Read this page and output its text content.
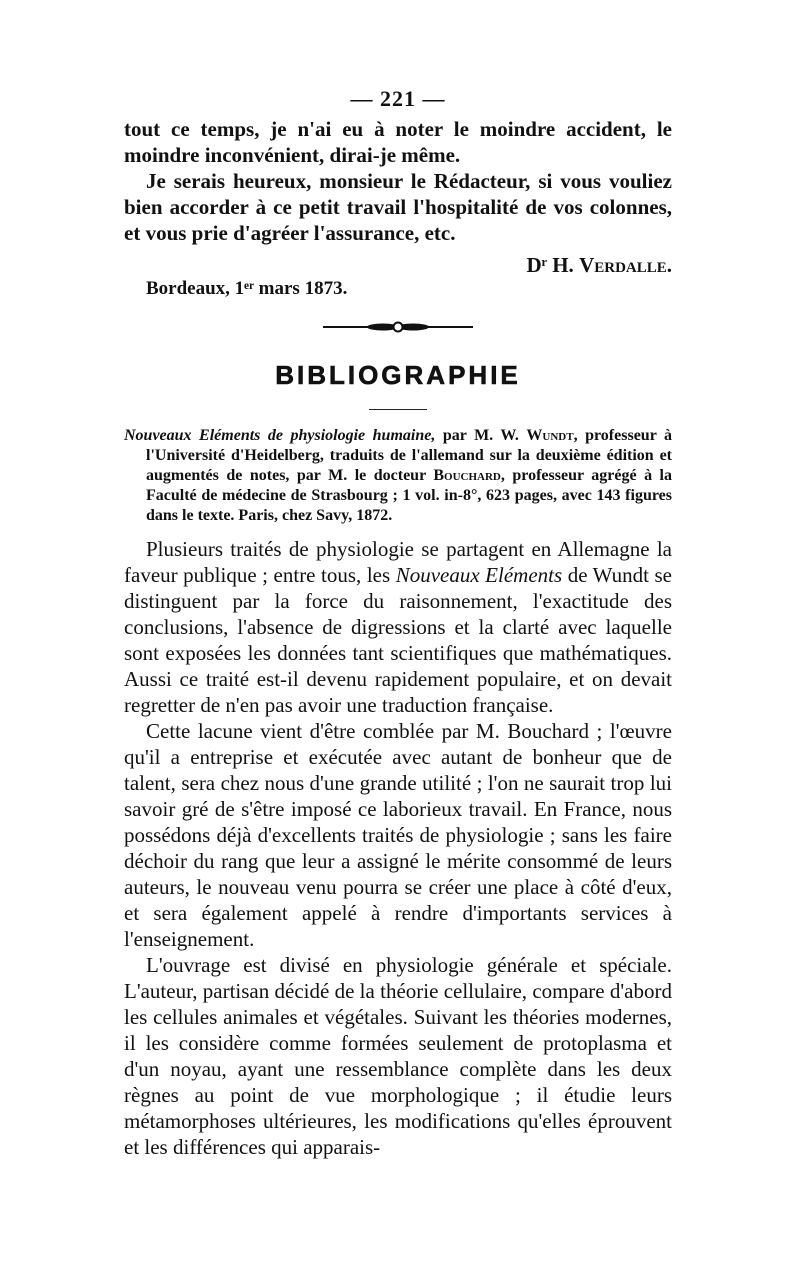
— 221 —

tout ce temps, je n'ai eu à noter le moindre accident, le moindre inconvénient, dirai-je même.

Je serais heureux, monsieur le Rédacteur, si vous vouliez bien accorder à ce petit travail l'hospitalité de vos colonnes, et vous prie d'agréer l'assurance, etc.

Dʳ H. Verdalle.
Bordeaux, 1ᵉʳ mars 1873.
BIBLIOGRAPHIE
Nouveaux Eléments de physiologie humaine, par M. W. Wundt, professeur à l'Université d'Heidelberg, traduits de l'allemand sur la deuxième édition et augmentés de notes, par M. le docteur Bouchard, professeur agrégé à la Faculté de médecine de Strasbourg ; 1 vol. in-8°, 623 pages, avec 143 figures dans le texte. Paris, chez Savy, 1872.

Plusieurs traités de physiologie se partagent en Allemagne la faveur publique ; entre tous, les Nouveaux Eléments de Wundt se distinguent par la force du raisonnement, l'exactitude des conclusions, l'absence de digressions et la clarté avec laquelle sont exposées les données tant scientifiques que mathématiques. Aussi ce traité est-il devenu rapidement populaire, et on devait regretter de n'en pas avoir une traduction française.

Cette lacune vient d'être comblée par M. Bouchard ; l'œuvre qu'il a entreprise et exécutée avec autant de bonheur que de talent, sera chez nous d'une grande utilité ; l'on ne saurait trop lui savoir gré de s'être imposé ce laborieux travail. En France, nous possédons déjà d'excellents traités de physiologie ; sans les faire déchoir du rang que leur a assigné le mérite consommé de leurs auteurs, le nouveau venu pourra se créer une place à côté d'eux, et sera également appelé à rendre d'importants services à l'enseignement.

L'ouvrage est divisé en physiologie générale et spéciale. L'auteur, partisan décidé de la théorie cellulaire, compare d'abord les cellules animales et végétales. Suivant les théories modernes, il les considère comme formées seulement de protoplasma et d'un noyau, ayant une ressemblance complète dans les deux règnes au point de vue morphologique ; il étudie leurs métamorphoses ultérieures, les modifications qu'elles éprouvent et les différences qui apparais-
